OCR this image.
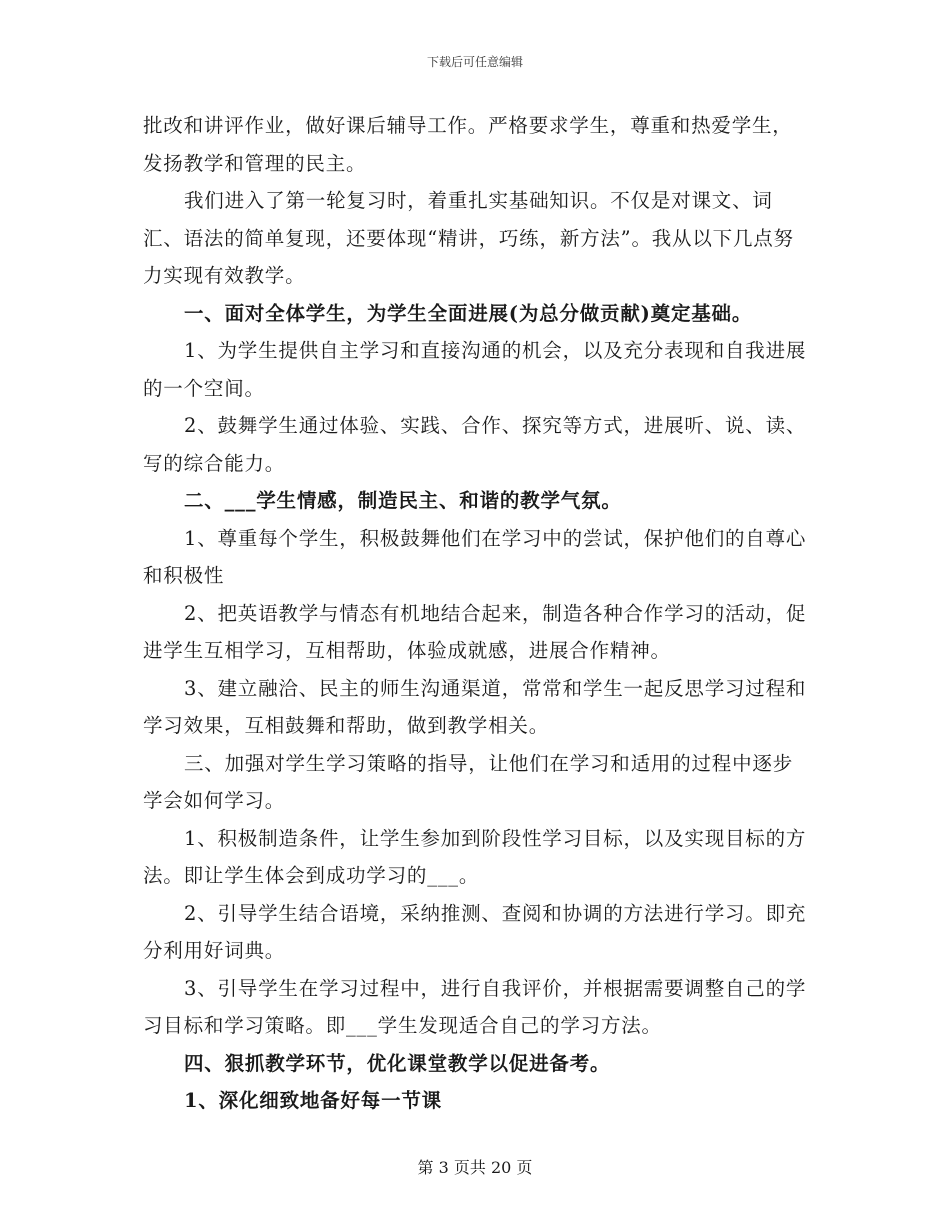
下载后可任意编辑

批改和讲评作业，做好课后辅导工作。严格要求学生，尊重和热爱学生，发扬教学和管理的民主。

我们进入了第一轮复习时，着重扎实基础知识。不仅是对课文、词汇、语法的简单复现，还要体现“精讲，巧练，新方法”。我从以下几点努力实现有效教学。

一、面对全体学生，为学生全面进展(为总分做贡献)奠定基础。

1、为学生提供自主学习和直接沟通的机会，以及充分表现和自我进展的一个空间。

2、鼓舞学生通过体验、实践、合作、探究等方式，进展听、说、读、写的综合能力。

二、___学生情感，制造民主、和谐的教学气氛。

1、尊重每个学生，积极鼓舞他们在学习中的尝试，保护他们的自尊心和积极性

2、把英语教学与情态有机地结合起来，制造各种合作学习的活动，促进学生互相学习，互相帮助，体验成就感，进展合作精神。

3、建立融洽、民主的师生沟通渠道，常常和学生一起反思学习过程和学习效果，互相鼓舞和帮助，做到教学相关。

三、加强对学生学习策略的指导，让他们在学习和适用的过程中逐步学会如何学习。

1、积极制造条件，让学生参加到阶段性学习目标，以及实现目标的方法。即让学生体会到成功学习的___。

2、引导学生结合语境，采纳推测、查阅和协调的方法进行学习。即充分利用好词典。

3、引导学生在学习过程中，进行自我评价，并根据需要调整自己的学习目标和学习策略。即___学生发现适合自己的学习方法。

四、狠抓教学环节，优化课堂教学以促进备考。

1、深化细致地备好每一节课

第 3 页共 20 页
